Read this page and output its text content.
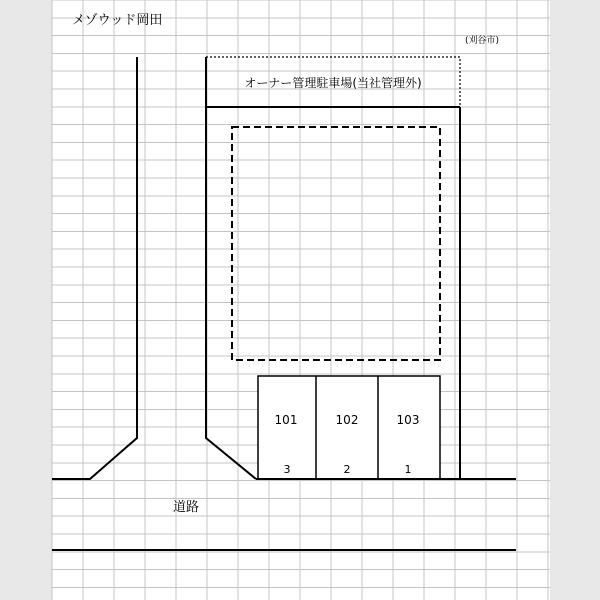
オーナー管理駐車場(当社管理外)
101	102	103
3	2	1
道路
メゾウッド岡田
(刈谷市)
